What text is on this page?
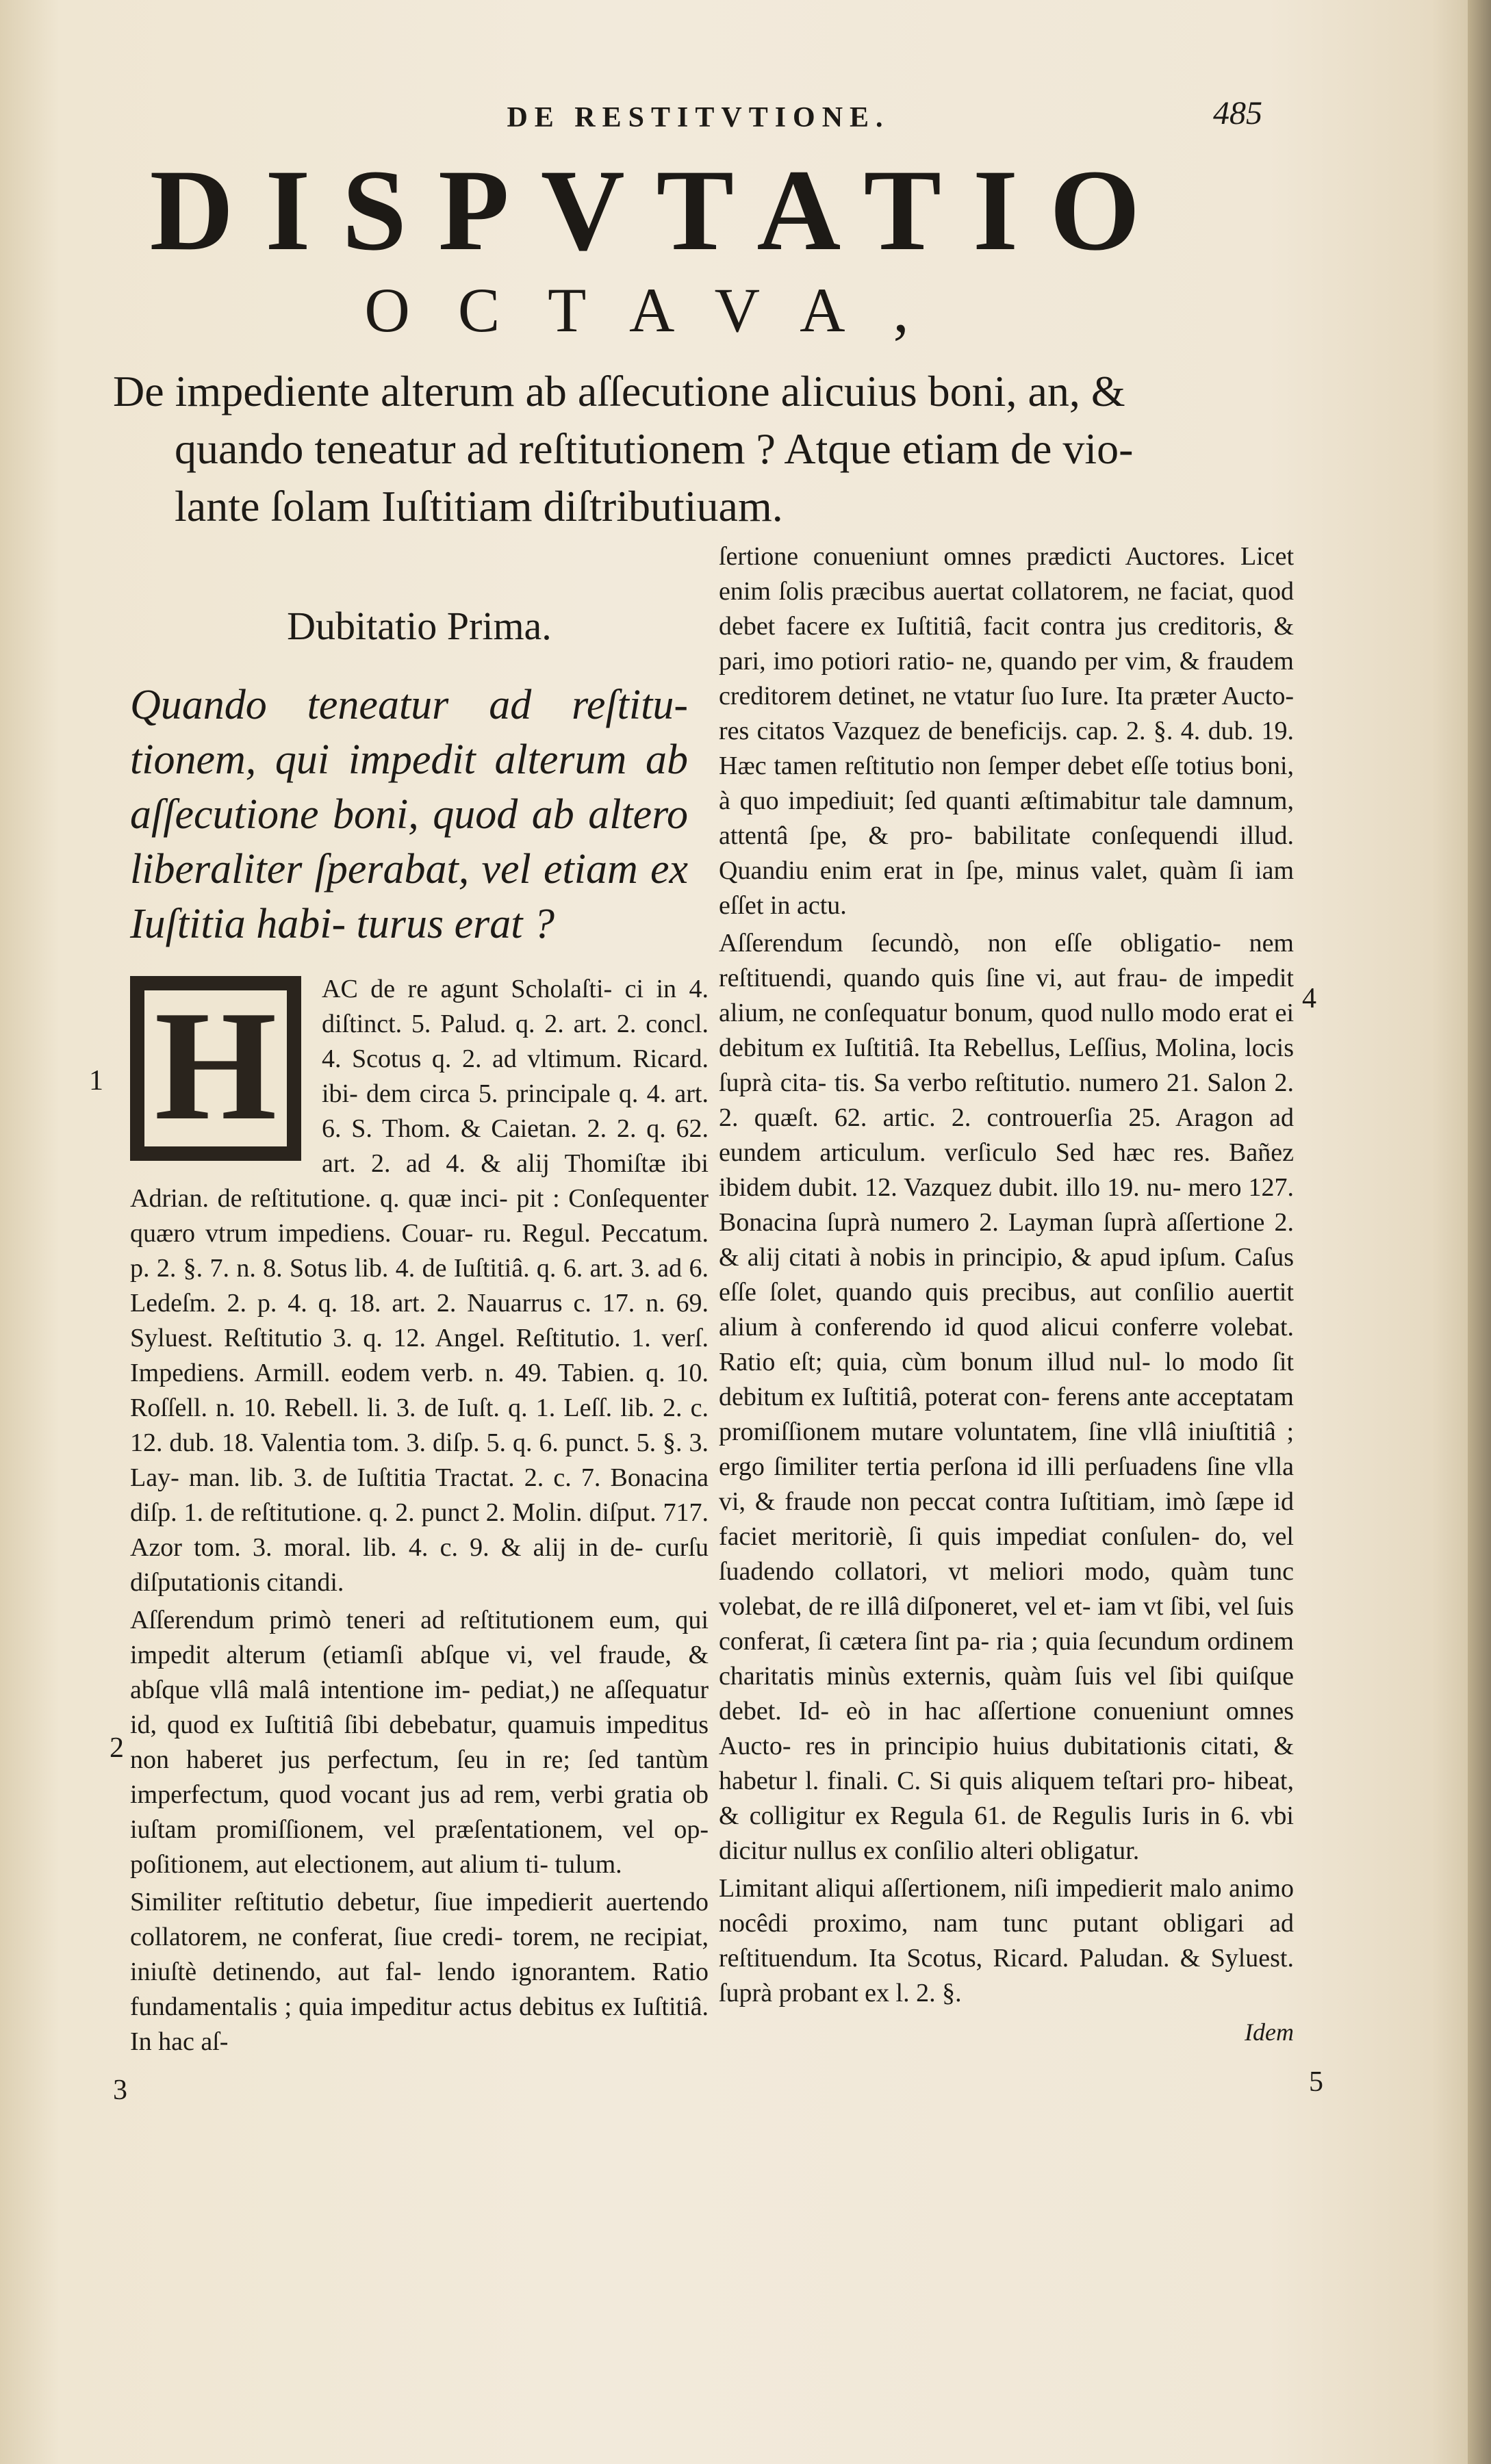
DE RESTITVTIONE.	485
DISPVTATIO
OCTAVA,
De impediente alterum ab aſſecutione alicuius boni, an, &
quando teneatur ad reſtitutionem ? Atque etiam de vio-
lante ſolam Iuſtitiam diſtributiuam.
1
2
3
4
5
Dubitatio Prima.
Quando teneatur ad reſtitu- tionem, qui impedit alterum ab aſſecutione boni, quod ab altero liberaliter ſperabat, vel etiam ex Iuſtitia habi- turus erat ?
H	AC de re agunt Scholaſti- ci in 4. diſtinct. 5. Palud. q. 2. art. 2. concl. 4. Scotus q. 2. ad vltimum. Ricard. ibi- dem circa 5. principale q. 4. art. 6. S. Thom. & Caietan. 2. 2. q. 62. art. 2. ad 4. & alij Thomiſtæ ibi Adrian. de reſtitutione. q. quæ inci- pit : Conſequenter quæro vtrum impediens. Couar- ru. Regul. Peccatum. p. 2. §. 7. n. 8. Sotus lib. 4. de Iuſtitiâ. q. 6. art. 3. ad 6. Ledeſm. 2. p. 4. q. 18. art. 2. Nauarrus c. 17. n. 69. Syluest. Reſtitutio 3. q. 12. Angel. Reſtitutio. 1. verſ. Impediens. Armill. eodem verb. n. 49. Tabien. q. 10. Roſſell. n. 10. Rebell. li. 3. de Iuſt. q. 1. Leſſ. lib. 2. c. 12. dub. 18. Valentia tom. 3. diſp. 5. q. 6. punct. 5. §. 3. Lay- man. lib. 3. de Iuſtitia Tractat. 2. c. 7. Bonacina diſp. 1. de reſtitutione. q. 2. punct 2. Molin. diſput. 717. Azor tom. 3. moral. lib. 4. c. 9. & alij in de- curſu diſputationis citandi.

Aſſerendum primò teneri ad reſtitutionem eum, qui impedit alterum (etiamſi abſque vi, vel fraude, & abſque vllâ malâ intentione im- pediat,) ne aſſequatur id, quod ex Iuſtitiâ ſibi debebatur, quamuis impeditus non haberet jus perfectum, ſeu in re; ſed tantùm imperfectum, quod vocant jus ad rem, verbi gratia ob iuſtam promiſſionem, vel præſentationem, vel op- poſitionem, aut electionem, aut alium ti- tulum.

Similiter reſtitutio debetur, ſiue impedierit auertendo collatorem, ne conferat, ſiue credi- torem, ne recipiat, iniuſtè detinendo, aut fal- lendo ignorantem. Ratio fundamentalis ; quia impeditur actus debitus ex Iuſtitiâ. In hac aſ-

ſertione conueniunt omnes prædicti Auctores. Licet enim ſolis præcibus auertat collatorem, ne faciat, quod debet facere ex Iuſtitiâ, facit contra jus creditoris, & pari, imo potiori ratio- ne, quando per vim, & fraudem creditorem detinet, ne vtatur ſuo Iure. Ita præter Aucto- res citatos Vazquez de beneficijs. cap. 2. §. 4. dub. 19. Hæc tamen reſtitutio non ſemper debet eſſe totius boni, à quo impediuit; ſed quanti æſtimabitur tale damnum, attentâ ſpe, & pro- babilitate conſequendi illud. Quandiu enim erat in ſpe, minus valet, quàm ſi iam eſſet in actu.

Aſſerendum ſecundò, non eſſe obligatio- nem reſtituendi, quando quis ſine vi, aut frau- de impedit alium, ne conſequatur bonum, quod nullo modo erat ei debitum ex Iuſtitiâ. Ita Rebellus, Leſſius, Molina, locis ſuprà cita- tis. Sa verbo reſtitutio. numero 21. Salon 2. 2. quæſt. 62. artic. 2. controuerſia 25. Aragon ad eundem articulum. verſiculo Sed hæc res. Bañez ibidem dubit. 12. Vazquez dubit. illo 19. nu- mero 127. Bonacina ſuprà numero 2. Layman ſuprà aſſertione 2. & alij citati à nobis in principio, & apud ipſum. Caſus eſſe ſolet, quando quis precibus, aut conſilio auertit alium à conferendo id quod alicui conferre volebat. Ratio eſt; quia, cùm bonum illud nul- lo modo ſit debitum ex Iuſtitiâ, poterat con- ferens ante acceptatam promiſſionem mutare voluntatem, ſine vllâ iniuſtitiâ ; ergo ſimiliter tertia perſona id illi perſuadens ſine vlla vi, & fraude non peccat contra Iuſtitiam, imò ſæpe id faciet meritoriè, ſi quis impediat conſulen- do, vel ſuadendo collatori, vt meliori modo, quàm tunc volebat, de re illâ diſponeret, vel et- iam vt ſibi, vel ſuis conferat, ſi cætera ſint pa- ria ; quia ſecundum ordinem charitatis minùs externis, quàm ſuis vel ſibi quiſque debet. Id- eò in hac aſſertione conueniunt omnes Aucto- res in principio huius dubitationis citati, & habetur l. finali. C. Si quis aliquem teſtari pro- hibeat, & colligitur ex Regula 61. de Regulis Iuris in 6. vbi dicitur nullus ex conſilio alteri obligatur.

Limitant aliqui aſſertionem, niſi impedierit malo animo nocêdi proximo, nam tunc putant obligari ad reſtituendum. Ita Scotus, Ricard. Paludan. & Syluest. ſuprà probant ex l. 2. §.

Idem
